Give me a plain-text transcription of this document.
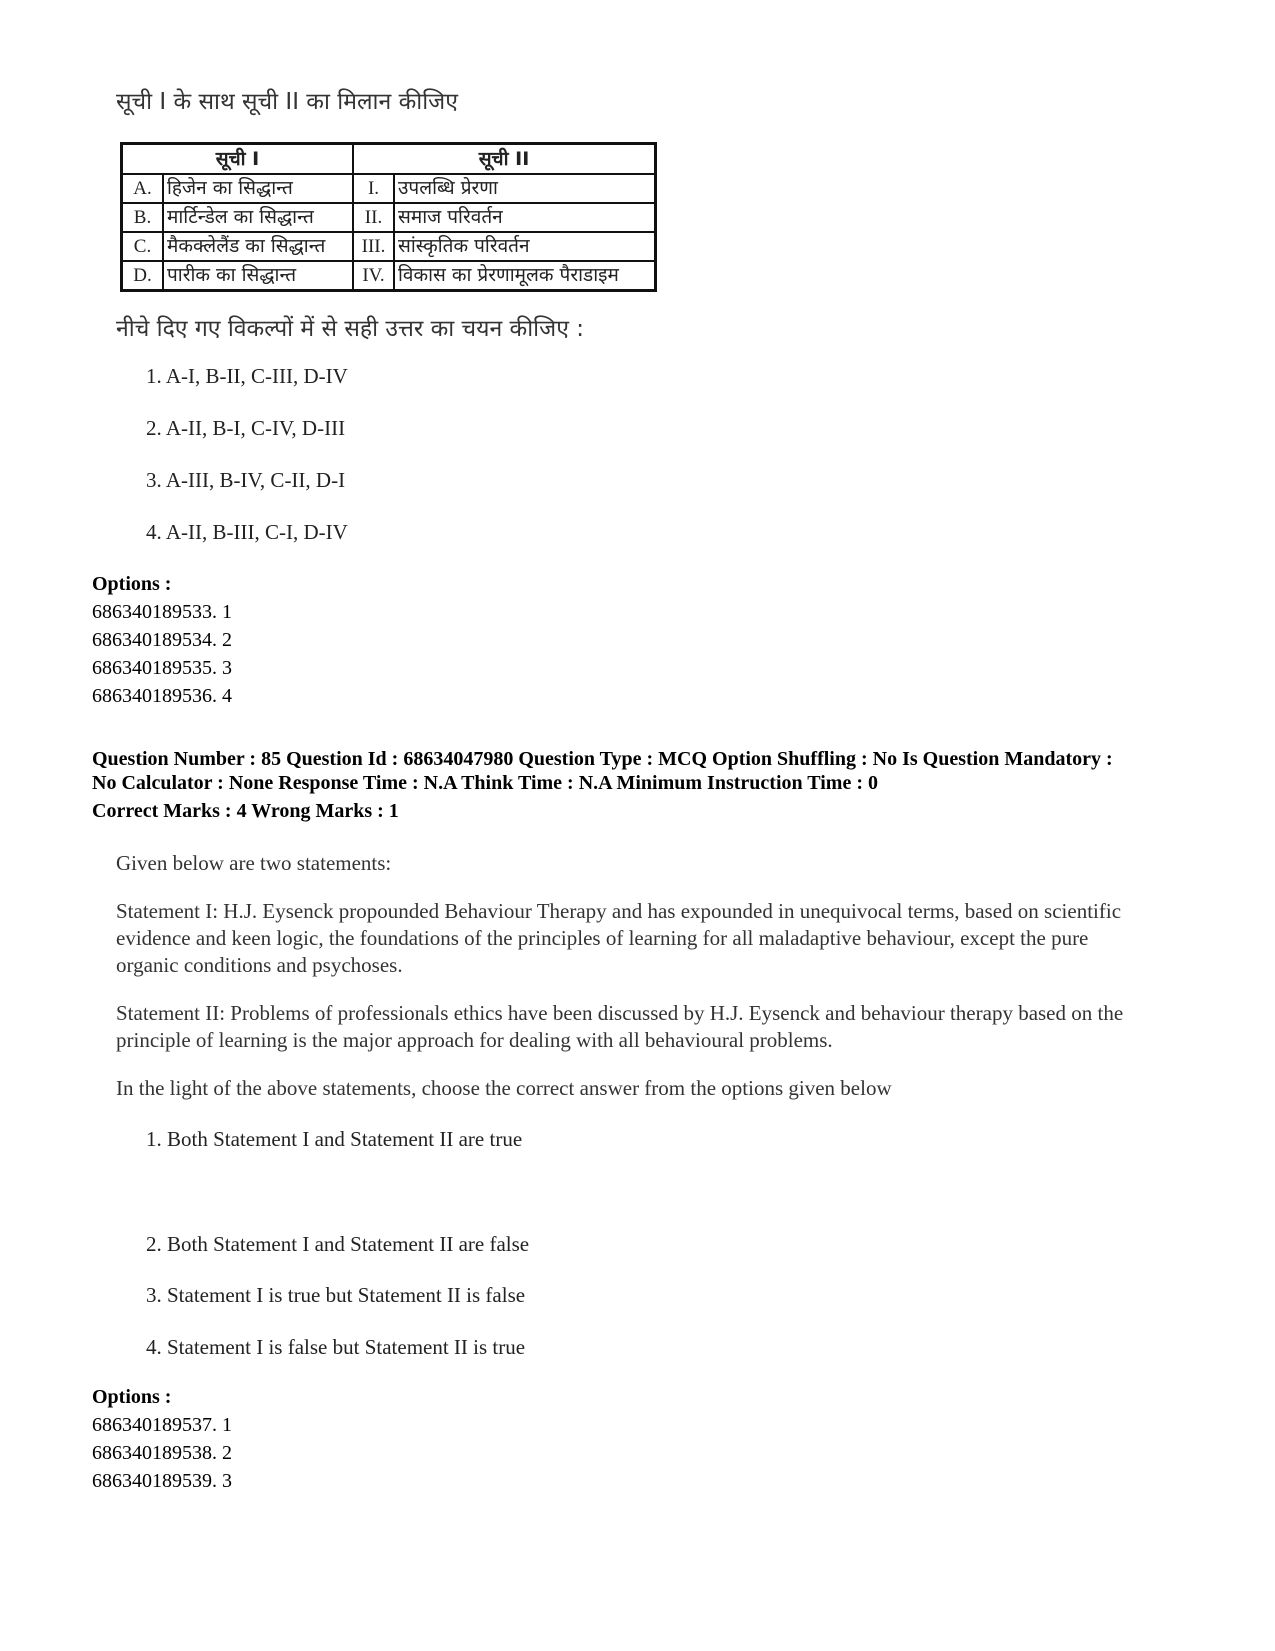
सूची I के साथ सूची II का मिलान कीजिए
सूची I		सूची II	
A.	हिजेन का सिद्धान्त	I.	उपलब्धि प्रेरणा
B.	मार्टिन्डेल का सिद्धान्त	II.	समाज परिवर्तन
C.	मैकक्लेलैंड का सिद्धान्त	III.	सांस्कृतिक परिवर्तन
D.	पारीक का सिद्धान्त	IV.	विकास का प्रेरणामूलक पैराडाइम
नीचे दिए गए विकल्पों में से सही उत्तर का चयन कीजिए :
1. A-I, B-II, C-III, D-IV
2. A-II, B-I, C-IV, D-III
3. A-III, B-IV, C-II, D-I
4. A-II, B-III, C-I, D-IV
Options :
686340189533. 1
686340189534. 2
686340189535. 3
686340189536. 4
Question Number : 85 Question Id : 68634047980 Question Type : MCQ Option Shuffling : No Is Question Mandatory :
No Calculator : None Response Time : N.A Think Time : N.A Minimum Instruction Time : 0
Correct Marks : 4 Wrong Marks : 1
Given below are two statements:
Statement I: H.J. Eysenck propounded Behaviour Therapy and has expounded in unequivocal terms, based on scientific evidence and keen logic, the foundations of the principles of learning for all maladaptive behaviour, except the pure organic conditions and psychoses.
Statement II: Problems of professionals ethics have been discussed by H.J. Eysenck and behaviour therapy based on the principle of learning is the major approach for dealing with all behavioural problems.
In the light of the above statements, choose the correct answer from the options given below
1. Both Statement I and Statement II are true
2. Both Statement I and Statement II are false
3. Statement I is true but Statement II is false
4. Statement I is false but Statement II is true
Options :
686340189537. 1
686340189538. 2
686340189539. 3
